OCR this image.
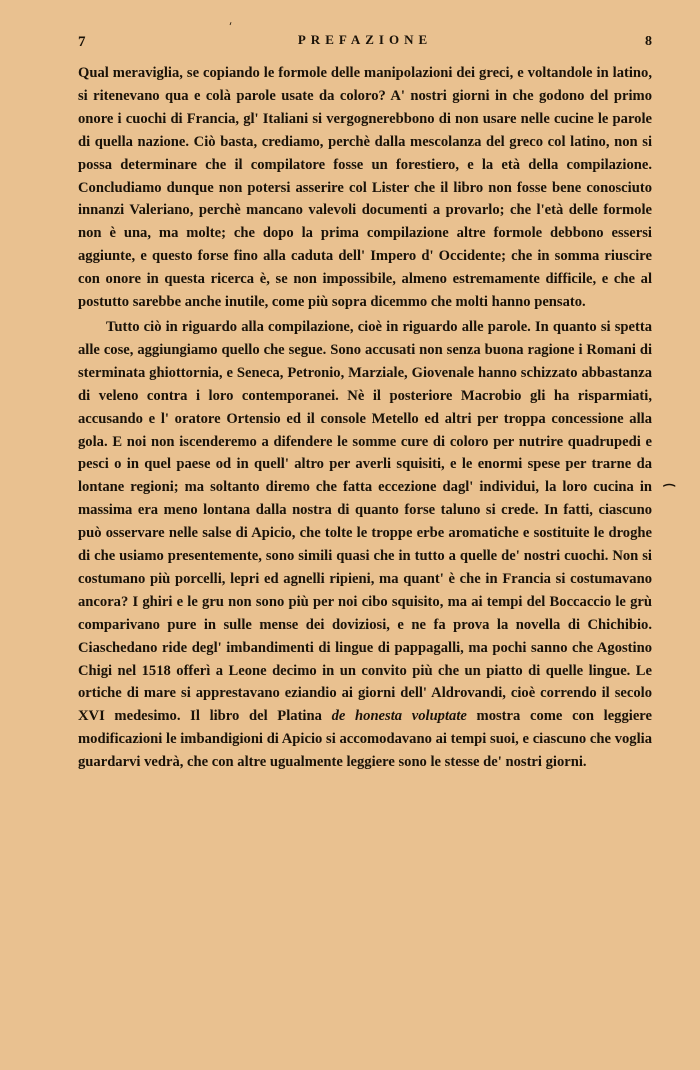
7	PREFAZIONE	8
'

Qual meraviglia, se copiando le formole delle manipolazioni dei greci, e voltandole in latino, si ritenevano qua e colà parole usate da coloro? A' nostri giorni in che godono del primo onore i cuochi di Francia, gl' Italiani si vergognerebbono di non usare nelle cucine le parole di quella nazione. Ciò basta, crediamo, perchè dalla mescolanza del greco col latino, non si possa determinare che il compilatore fosse un forestiero, e la età della compilazione. Concludiamo dunque non potersi asserire col Lister che il libro non fosse bene conosciuto innanzi Valeriano, perchè mancano valevoli documenti a provarlo; che l'età delle formole non è una, ma molte; che dopo la prima compilazione altre formole debbono essersi aggiunte, e questo forse fino alla caduta dell' Impero d' Occidente; che in somma riuscire con onore in questa ricerca è, se non impossibile, almeno estremamente difficile, e che al postutto sarebbe anche inutile, come più sopra dicemmo che molti hanno pensato.

Tutto ciò in riguardo alla compilazione, cioè in riguardo alle parole. In quanto si spetta alle cose, aggiungiamo quello che segue. Sono accusati non senza buona ragione i Romani di sterminata ghiottornia, e Seneca, Petronio, Marziale, Giovenale hanno schizzato abbastanza di veleno contra i loro contemporanei. Nè il posteriore Macrobio gli ha risparmiati, accusando e l' oratore Ortensio ed il console Metello ed altri per troppa concessione alla gola. E noi non iscenderemo a difendere le somme cure di coloro per nutrire quadrupedi e pesci o in quel paese od in quell' altro per averli squisiti, e le enormi spese per trarne da lontane regioni; ma soltanto diremo che fatta eccezione dagl' individui, la loro cucina in massima era meno lontana dalla nostra di quanto forse taluno si crede. In fatti, ciascuno può osservare nelle salse di Apicio, che tolte le troppe erbe aromatiche e sostituite le droghe di che usiamo presentemente, sono simili quasi che in tutto a quelle de' nostri cuochi. Non si costumano più porcelli, lepri ed agnelli ripieni, ma quant' è che in Francia si costumavano ancora? I ghiri e le gru non sono più per noi cibo squisito, ma ai tempi del Boccaccio le grù comparivano pure in sulle mense dei doviziosi, e ne fa prova la novella di Chichibio. Ciaschedano ride degl' imbandimenti di lingue di pappagalli, ma pochi sanno che Agostino Chigi nel 1518 offerì a Leone decimo in un convito più che un piatto di quelle lingue. Le ortiche di mare si apprestavano eziandio ai giorni dell' Aldrovandi, cioè correndo il secolo XVI medesimo. Il libro del Platina de honesta voluptate mostra come con leggiere modificazioni le imbandigioni di Apicio si accomodavano ai tempi suoi, e ciascuno che voglia guardarvi vedrà, che con altre ugualmente leggiere sono le stesse de' nostri giorni.

⁀
